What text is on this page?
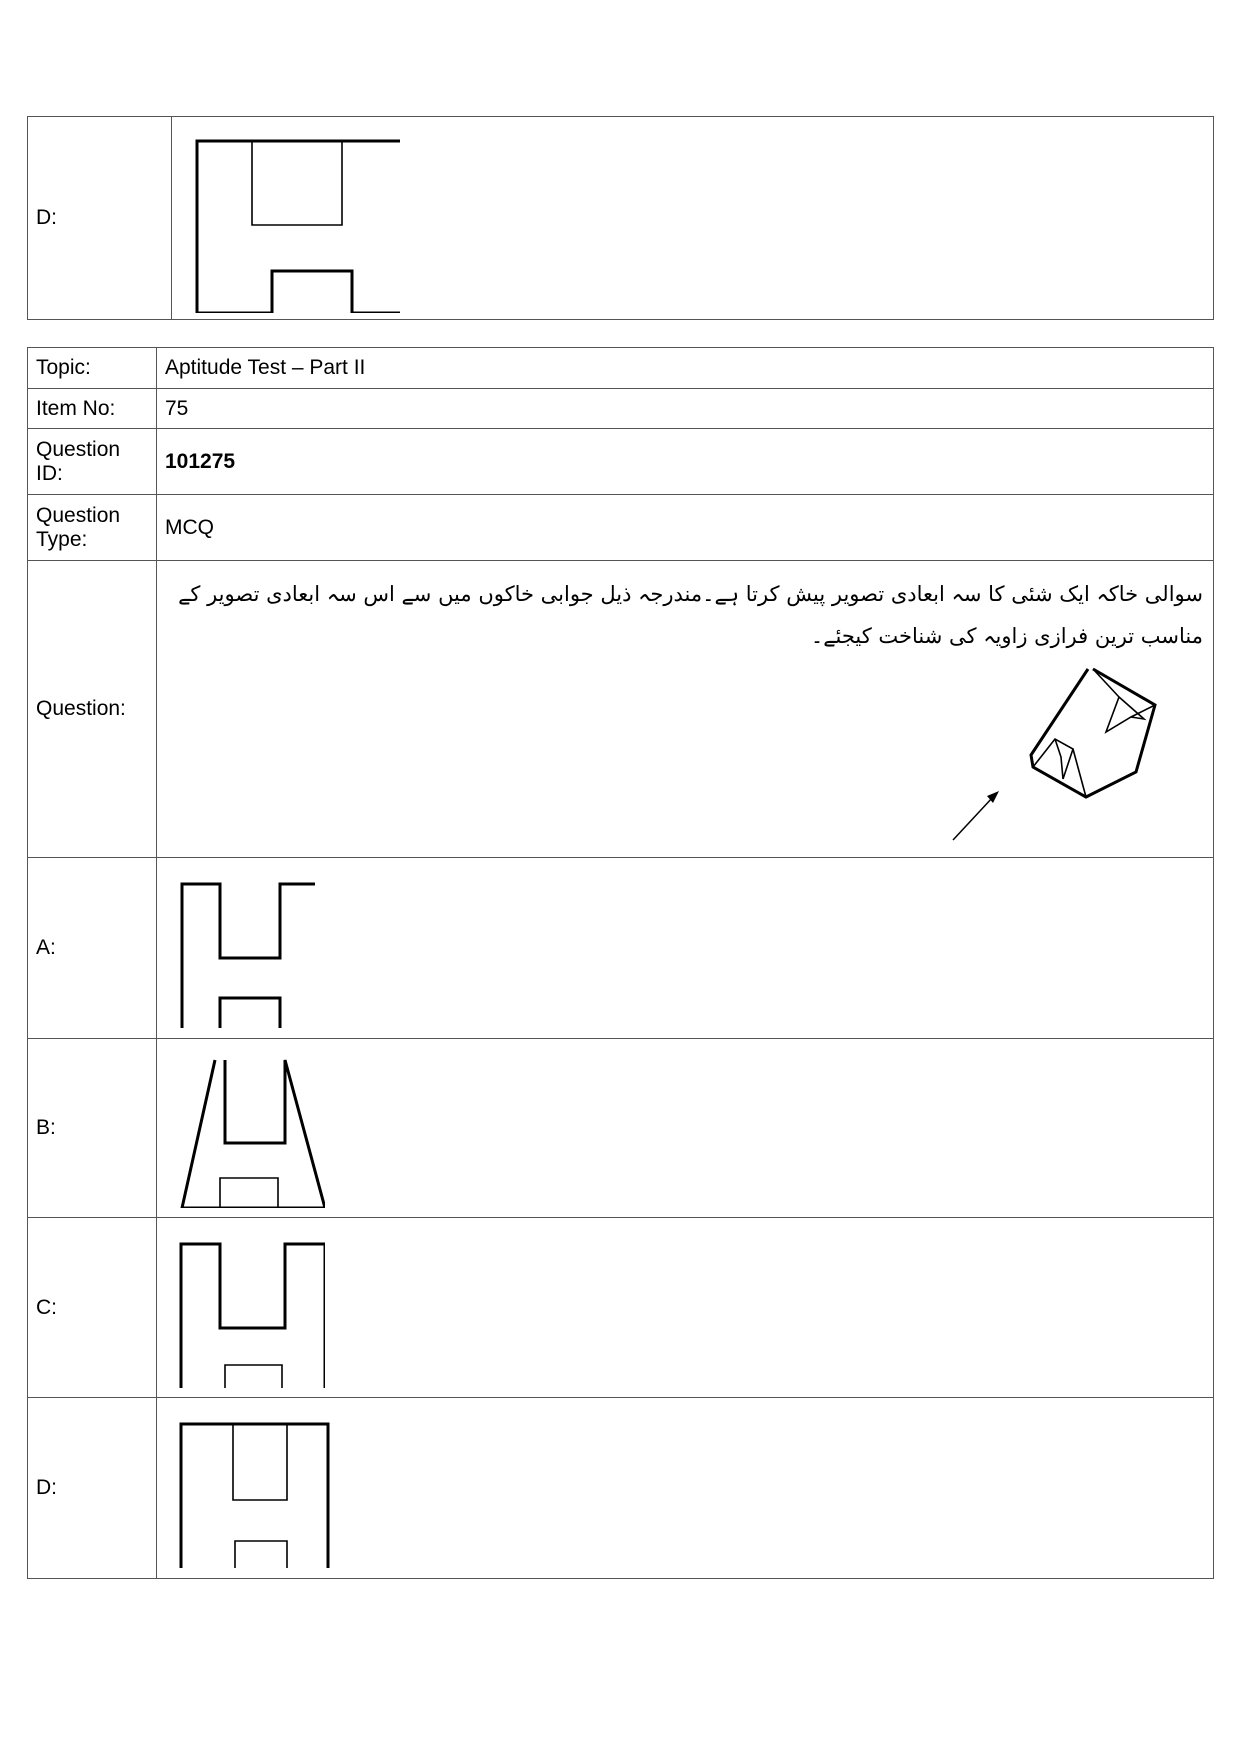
D:	
Topic:	Aptitude Test – Part II
Item No:	75
Question ID:	101275
Question Type:	MCQ
Question:	سوالی خاکہ ایک شئی کا سہ ابعادی تصویر پیش کرتا ہے۔مندرجہ ذیل جوابی خاکوں میں سے اس سہ ابعادی تصویر کے مناسب ترین فرازی زاویہ کی شناخت کیجئے۔

A:	

B:	

C:	

D:	
